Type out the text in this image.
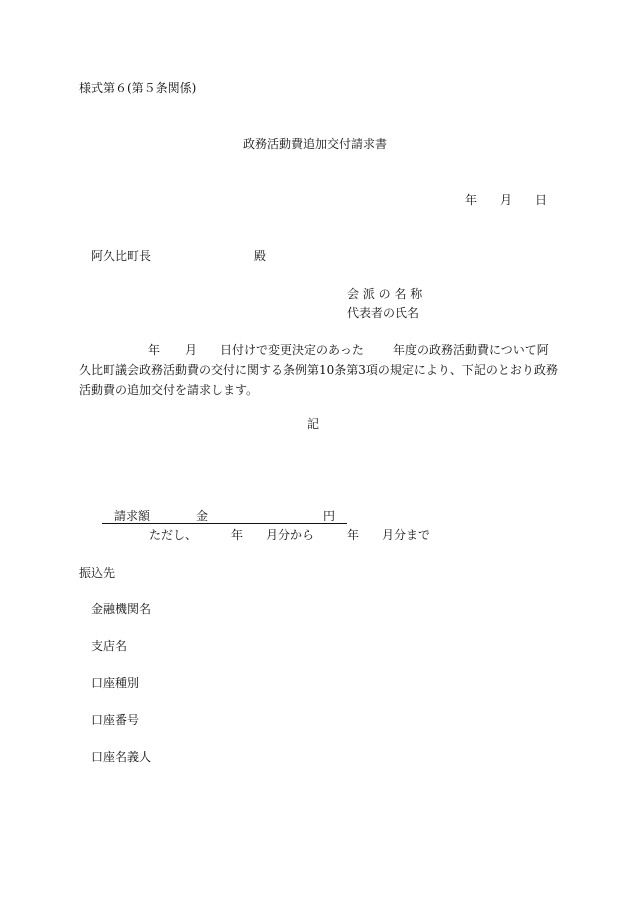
様式第６(第５条関係)
政務活動費追加交付請求書
年 月 日
阿久比町長	殿
会 派 の 名 称
代表者の氏名
年 月 日付けで変更決定のあった 年度の政務活動費について阿
久比町議会政務活動費の交付に関する条例第10条第3項の規定により、下記のとおり政務
活動費の追加交付を請求します。
記
請求額	金	円
ただし、	年 月分から	年 月分まで
振込先
金融機関名
支店名
口座種別
口座番号
口座名義人
